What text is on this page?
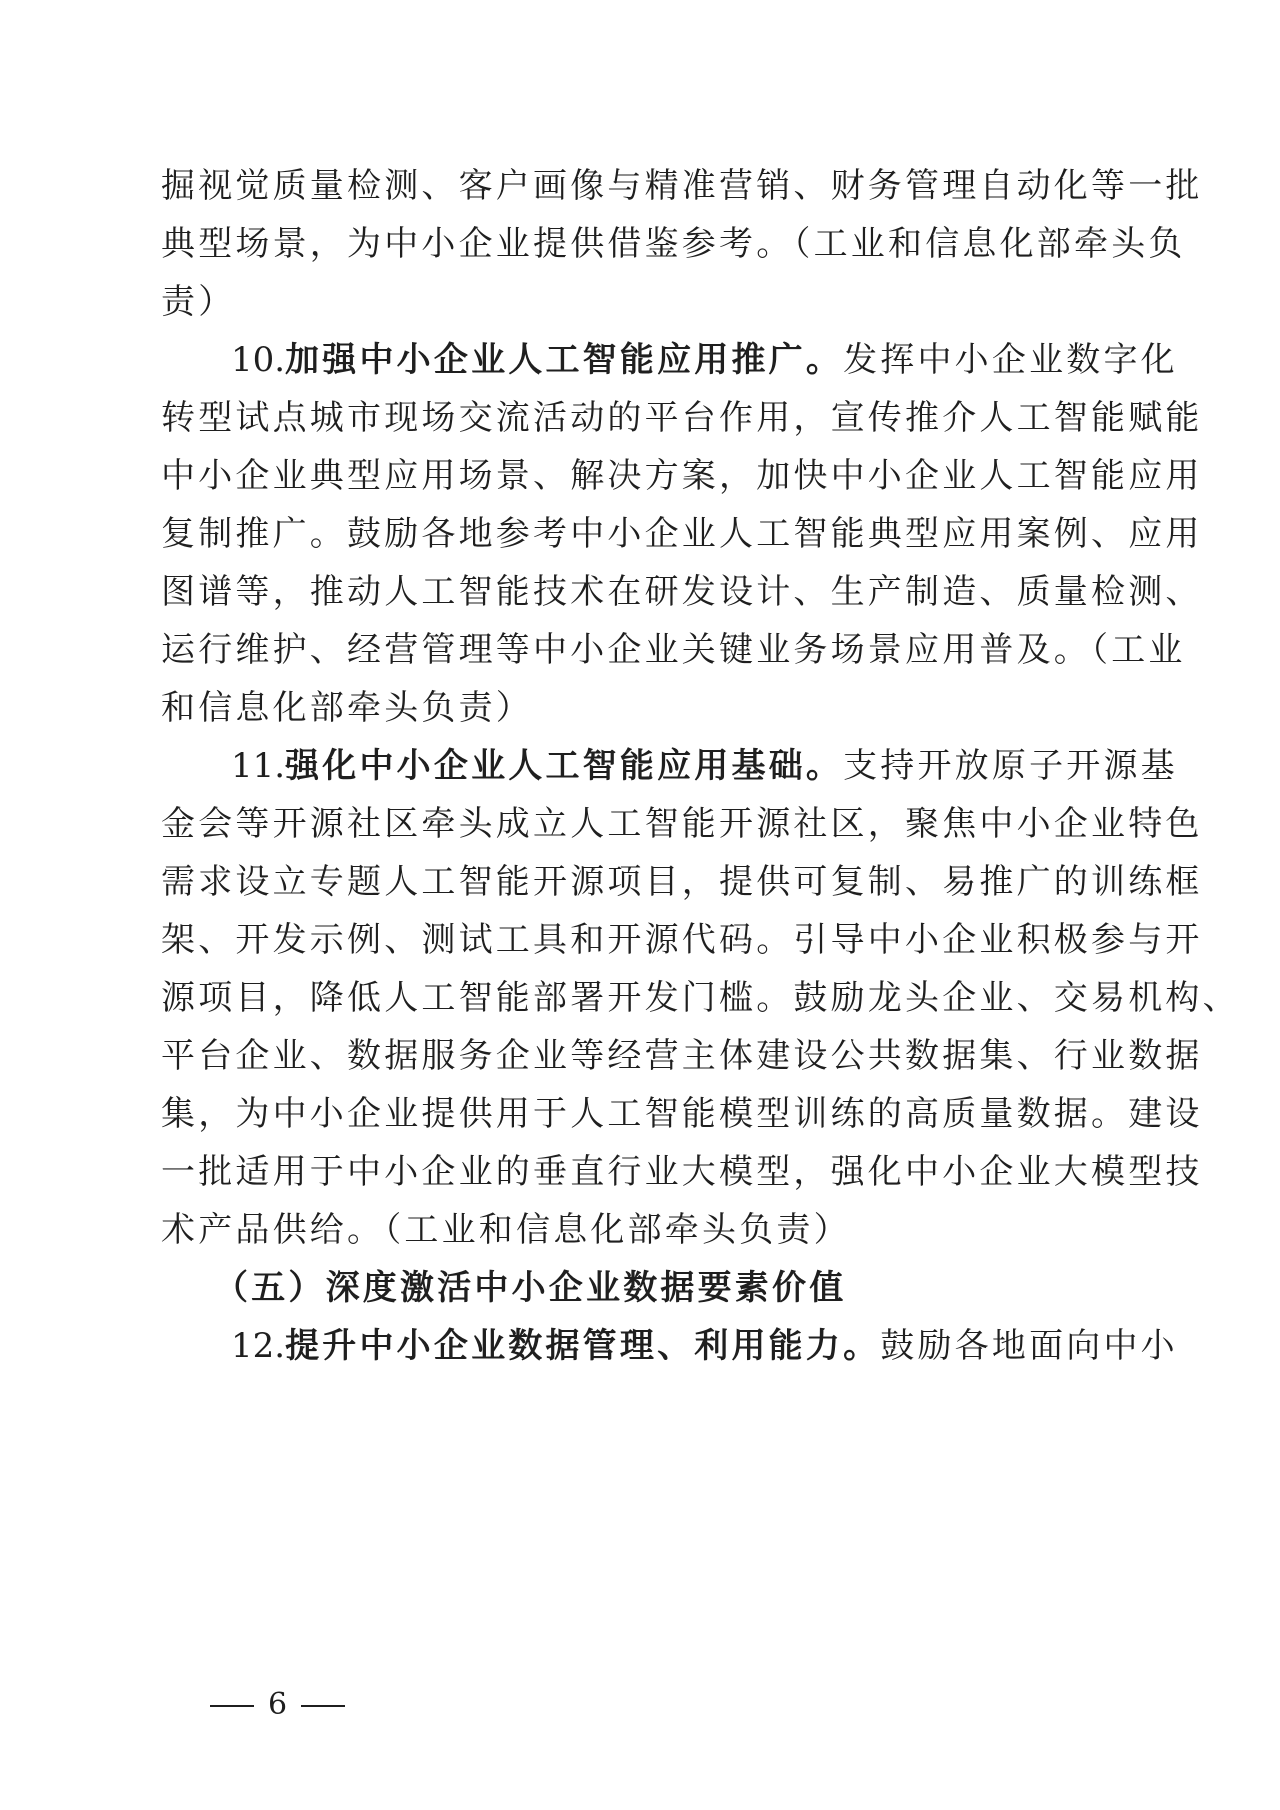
掘视觉质量检测、客户画像与精准营销、财务管理自动化等一批
典型场景，为中小企业提供借鉴参考。（工业和信息化部牵头负
责）
10.加强中小企业人工智能应用推广。发挥中小企业数字化
转型试点城市现场交流活动的平台作用，宣传推介人工智能赋能
中小企业典型应用场景、解决方案，加快中小企业人工智能应用
复制推广。鼓励各地参考中小企业人工智能典型应用案例、应用
图谱等，推动人工智能技术在研发设计、生产制造、质量检测、
运行维护、经营管理等中小企业关键业务场景应用普及。（工业
和信息化部牵头负责）
11.强化中小企业人工智能应用基础。支持开放原子开源基
金会等开源社区牵头成立人工智能开源社区，聚焦中小企业特色
需求设立专题人工智能开源项目，提供可复制、易推广的训练框
架、开发示例、测试工具和开源代码。引导中小企业积极参与开
源项目，降低人工智能部署开发门槛。鼓励龙头企业、交易机构、
平台企业、数据服务企业等经营主体建设公共数据集、行业数据
集，为中小企业提供用于人工智能模型训练的高质量数据。建设
一批适用于中小企业的垂直行业大模型，强化中小企业大模型技
术产品供给。（工业和信息化部牵头负责）
（五）深度激活中小企业数据要素价值
12.提升中小企业数据管理、利用能力。鼓励各地面向中小
6
